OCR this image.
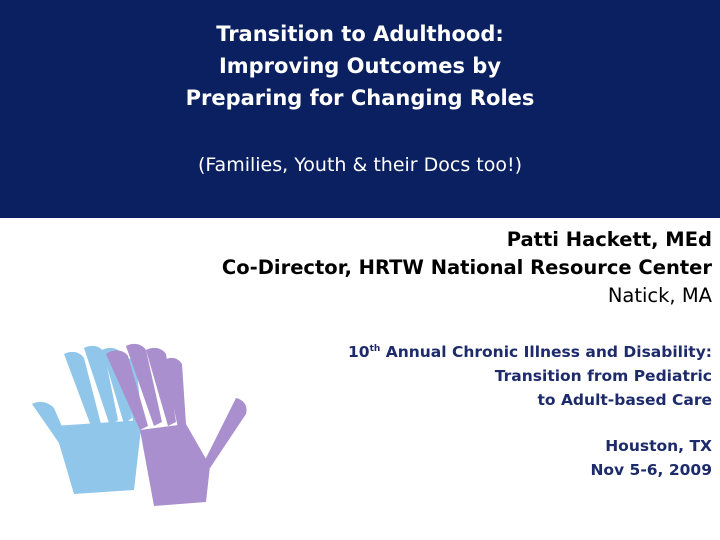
Transition to Adulthood:
Improving Outcomes by
Preparing for Changing Roles
(Families, Youth & their Docs too!)
Patti Hackett, MEd
Co-Director, HRTW National Resource Center
Natick, MA
10th Annual Chronic Illness and Disability:
Transition from Pediatric
to Adult-based Care
Houston, TX
Nov 5-6, 2009
